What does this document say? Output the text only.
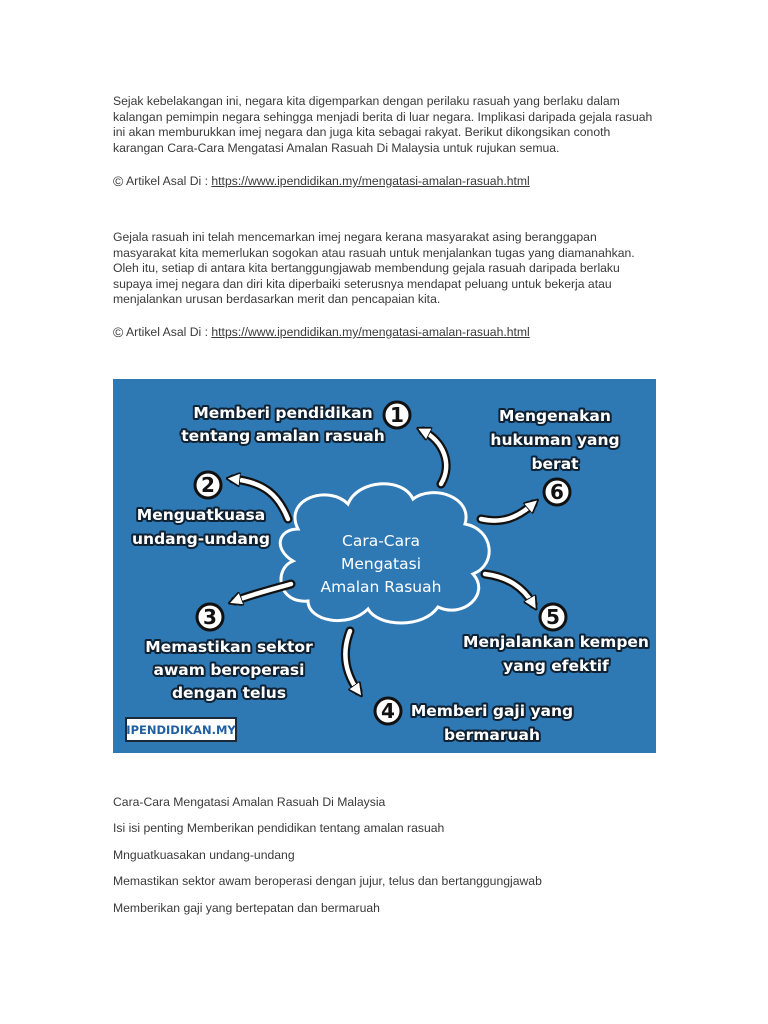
Sejak kebelakangan ini, negara kita digemparkan dengan perilaku rasuah yang berlaku dalam kalangan pemimpin negara sehingga menjadi berita di luar negara. Implikasi daripada gejala rasuah ini akan memburukkan imej negara dan juga kita sebagai rakyat. Berikut dikongsikan conoth karangan Cara-Cara Mengatasi Amalan Rasuah Di Malaysia untuk rujukan semua.

© Artikel Asal Di : https://www.ipendidikan.my/mengatasi-amalan-rasuah.html

Gejala rasuah ini telah mencemarkan imej negara kerana masyarakat asing beranggapan masyarakat kita memerlukan sogokan atau rasuah untuk menjalankan tugas yang diamanahkan. Oleh itu, setiap di antara kita bertanggungjawab membendung gejala rasuah daripada berlaku supaya imej negara dan diri kita diperbaiki seterusnya mendapat peluang untuk bekerja atau menjalankan urusan berdasarkan merit dan pencapaian kita.

© Artikel Asal Di : https://www.ipendidikan.my/mengatasi-amalan-rasuah.html
Cara-Cara
Mengatasi
Amalan Rasuah
1
2
3
4
5
6
Memberi pendidikan
tentang amalan rasuah
Menguatkuasa
undang-undang
Memastikan sektor
awam beroperasi
dengan telus
Memberi gaji yang
bermaruah
Menjalankan kempen
yang efektif
Mengenakan
hukuman yang
berat
IPENDIDIKAN.MY
Cara-Cara Mengatasi Amalan Rasuah Di Malaysia
Isi isi penting Memberikan pendidikan tentang amalan rasuah
Mnguatkuasakan undang-undang
Memastikan sektor awam beroperasi dengan jujur, telus dan bertanggungjawab
Memberikan gaji yang bertepatan dan bermaruah
